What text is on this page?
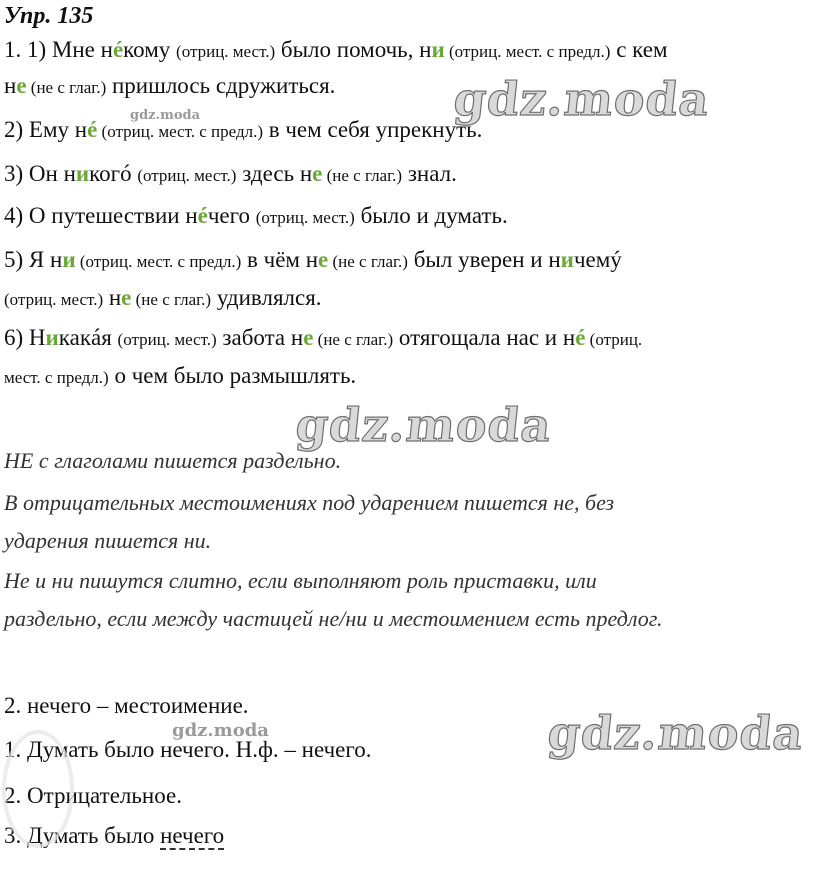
Упр. 135
1. 1) Мне нéкому (отриц. мест.) было помочь, ни (отриц. мест. с предл.) с кем
не (не с глаг.) пришлось сдружиться.
2) Ему нé (отриц. мест. с предл.) в чем себя упрекнуть.
3) Он никогó (отриц. мест.) здесь не (не с глаг.) знал.
4) О путешествии нéчего (отриц. мест.) было и думать.
5) Я ни (отриц. мест. с предл.) в чём не (не с глаг.) был уверен и ничемý
(отриц. мест.) не (не с глаг.) удивлялся.
6) Никакáя (отриц. мест.) забота не (не с глаг.) отягощала нас и нé (отриц.
мест. с предл.) о чем было размышлять.
НЕ с глаголами пишется раздельно.
В отрицательных местоимениях под ударением пишется не, без
ударения пишется ни.
Не и ни пишутся слитно, если выполняют роль приставки, или
раздельно, если между частицей не/ни и местоимением есть предлог.
2. нечего – местоимение.
1. Думать было нечего. Н.ф. – нечего.
2. Отрицательное.
3. Думать было нечего
gdz.moda
gdz.moda
gdz.moda
gdz.moda
gdz.moda
